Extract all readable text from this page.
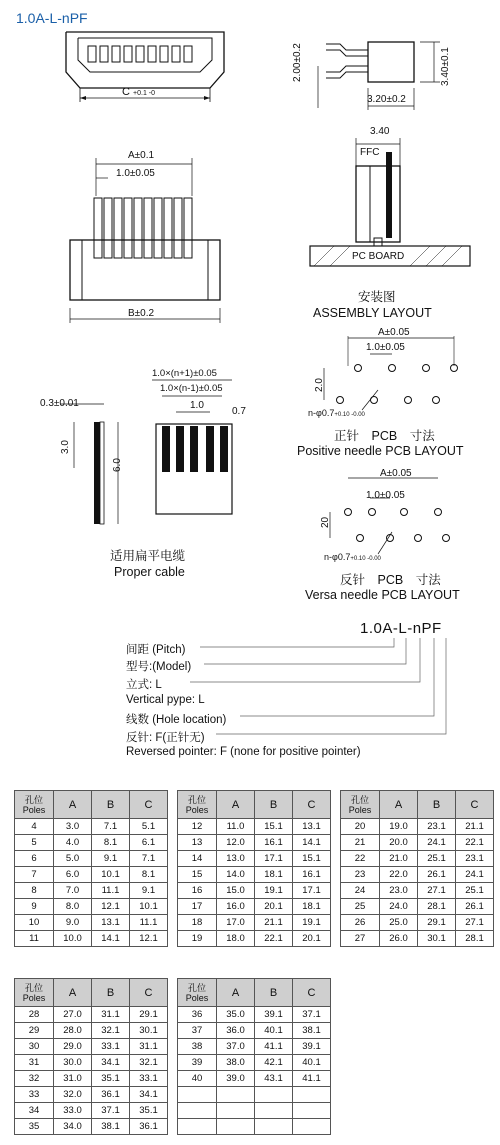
1.0A-L-nPF
C +0.1 -0
2.00±0.2
3.20±0.2
3.40±0.1
A±0.1
1.0±0.05
B±0.2
3.40
FFC
PC BOARD
安装图
ASSEMBLY LAYOUT
A±0.05
1.0±0.05
2.0
n-φ0.7+0.10 -0.00
正针　PCB　寸法
Positive needle PCB LAYOUT
0.3±0.01
3.0
6.0
1.0×(n+1)±0.05
1.0×(n-1)±0.05
1.0
0.7
适用扁平电缆
Proper cable
A±0.05
1.0±0.05
20
n-φ0.7+0.10 -0.00
反针　PCB　寸法
Versa needle PCB LAYOUT
1.0A-L-nPF
间距 (Pitch)
型号:(Model)
立式: L
Vertical pype: L
线数 (Hole location)
反针: F(正针无)
Reversed pointer: F (none for positive pointer)
孔位
Poles	A	B	C
4	3.0	7.1	5.1
5	4.0	8.1	6.1
6	5.0	9.1	7.1
7	6.0	10.1	8.1
8	7.0	11.1	9.1
9	8.0	12.1	10.1
10	9.0	13.1	11.1
11	10.0	14.1	12.1
孔位
Poles	A	B	C
12	11.0	15.1	13.1
13	12.0	16.1	14.1
14	13.0	17.1	15.1
15	14.0	18.1	16.1
16	15.0	19.1	17.1
17	16.0	20.1	18.1
18	17.0	21.1	19.1
19	18.0	22.1	20.1
孔位
Poles	A	B	C
20	19.0	23.1	21.1
21	20.0	24.1	22.1
22	21.0	25.1	23.1
23	22.0	26.1	24.1
24	23.0	27.1	25.1
25	24.0	28.1	26.1
26	25.0	29.1	27.1
27	26.0	30.1	28.1
孔位
Poles	A	B	C
28	27.0	31.1	29.1
29	28.0	32.1	30.1
30	29.0	33.1	31.1
31	30.0	34.1	32.1
32	31.0	35.1	33.1
33	32.0	36.1	34.1
34	33.0	37.1	35.1
35	34.0	38.1	36.1
孔位
Poles	A	B	C
36	35.0	39.1	37.1
37	36.0	40.1	38.1
38	37.0	41.1	39.1
39	38.0	42.1	40.1
40	39.0	43.1	41.1
